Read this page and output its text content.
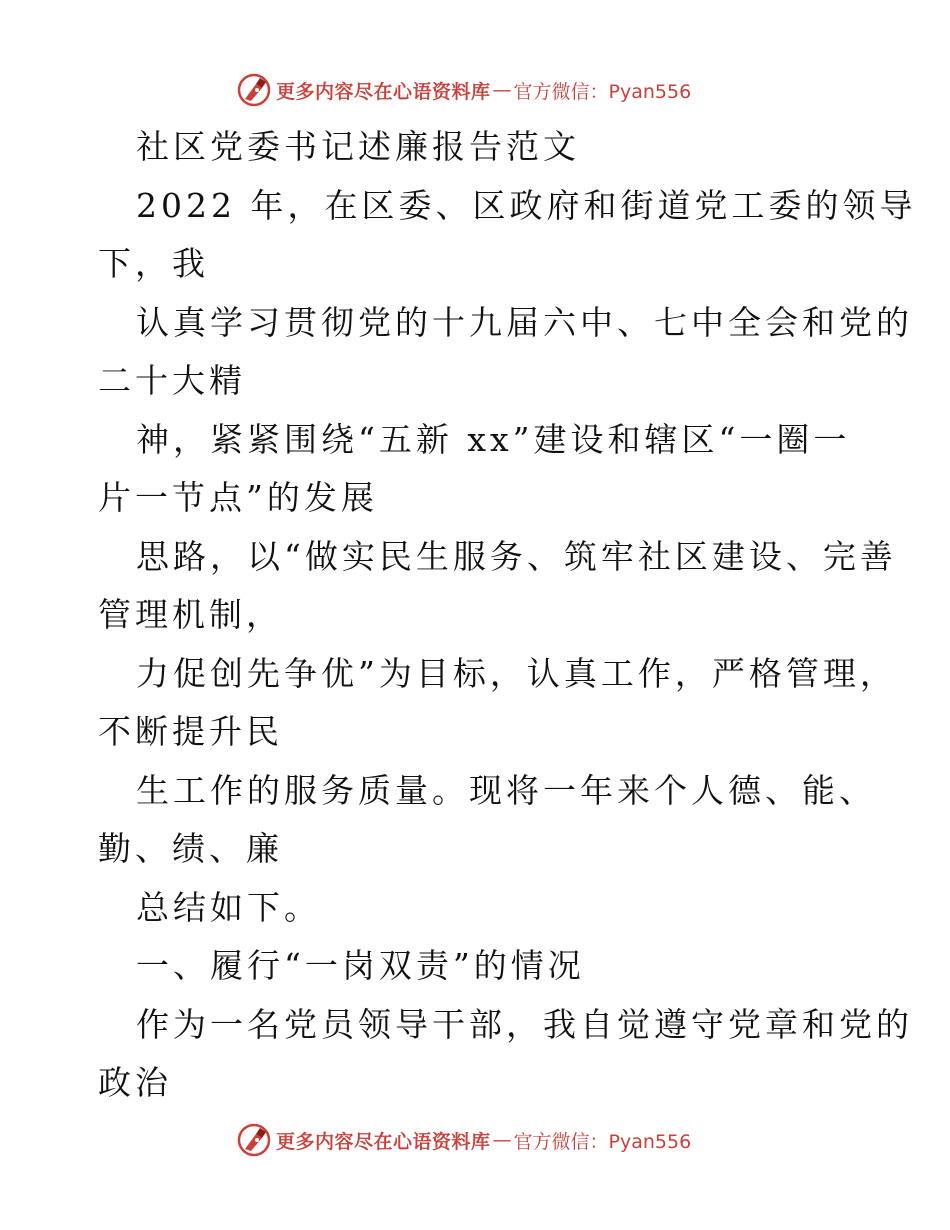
更多内容尽在心语资料库 — 官方微信：Pyan556
社区党委书记述廉报告范文
2022 年，在区委、区政府和街道党工委的领导
下，我
认真学习贯彻党的十九届六中、七中全会和党的
二十大精
神，紧紧围绕“五新 xx”建设和辖区“一圈一
片一节点”的发展
思路，以“做实民生服务、筑牢社区建设、完善
管理机制，
力促创先争优”为目标，认真工作，严格管理，
不断提升民
生工作的服务质量。现将一年来个人德、能、
勤、绩、廉
总结如下。
一、履行“一岗双责”的情况
作为一名党员领导干部，我自觉遵守党章和党的
政治
更多内容尽在心语资料库 — 官方微信：Pyan556
